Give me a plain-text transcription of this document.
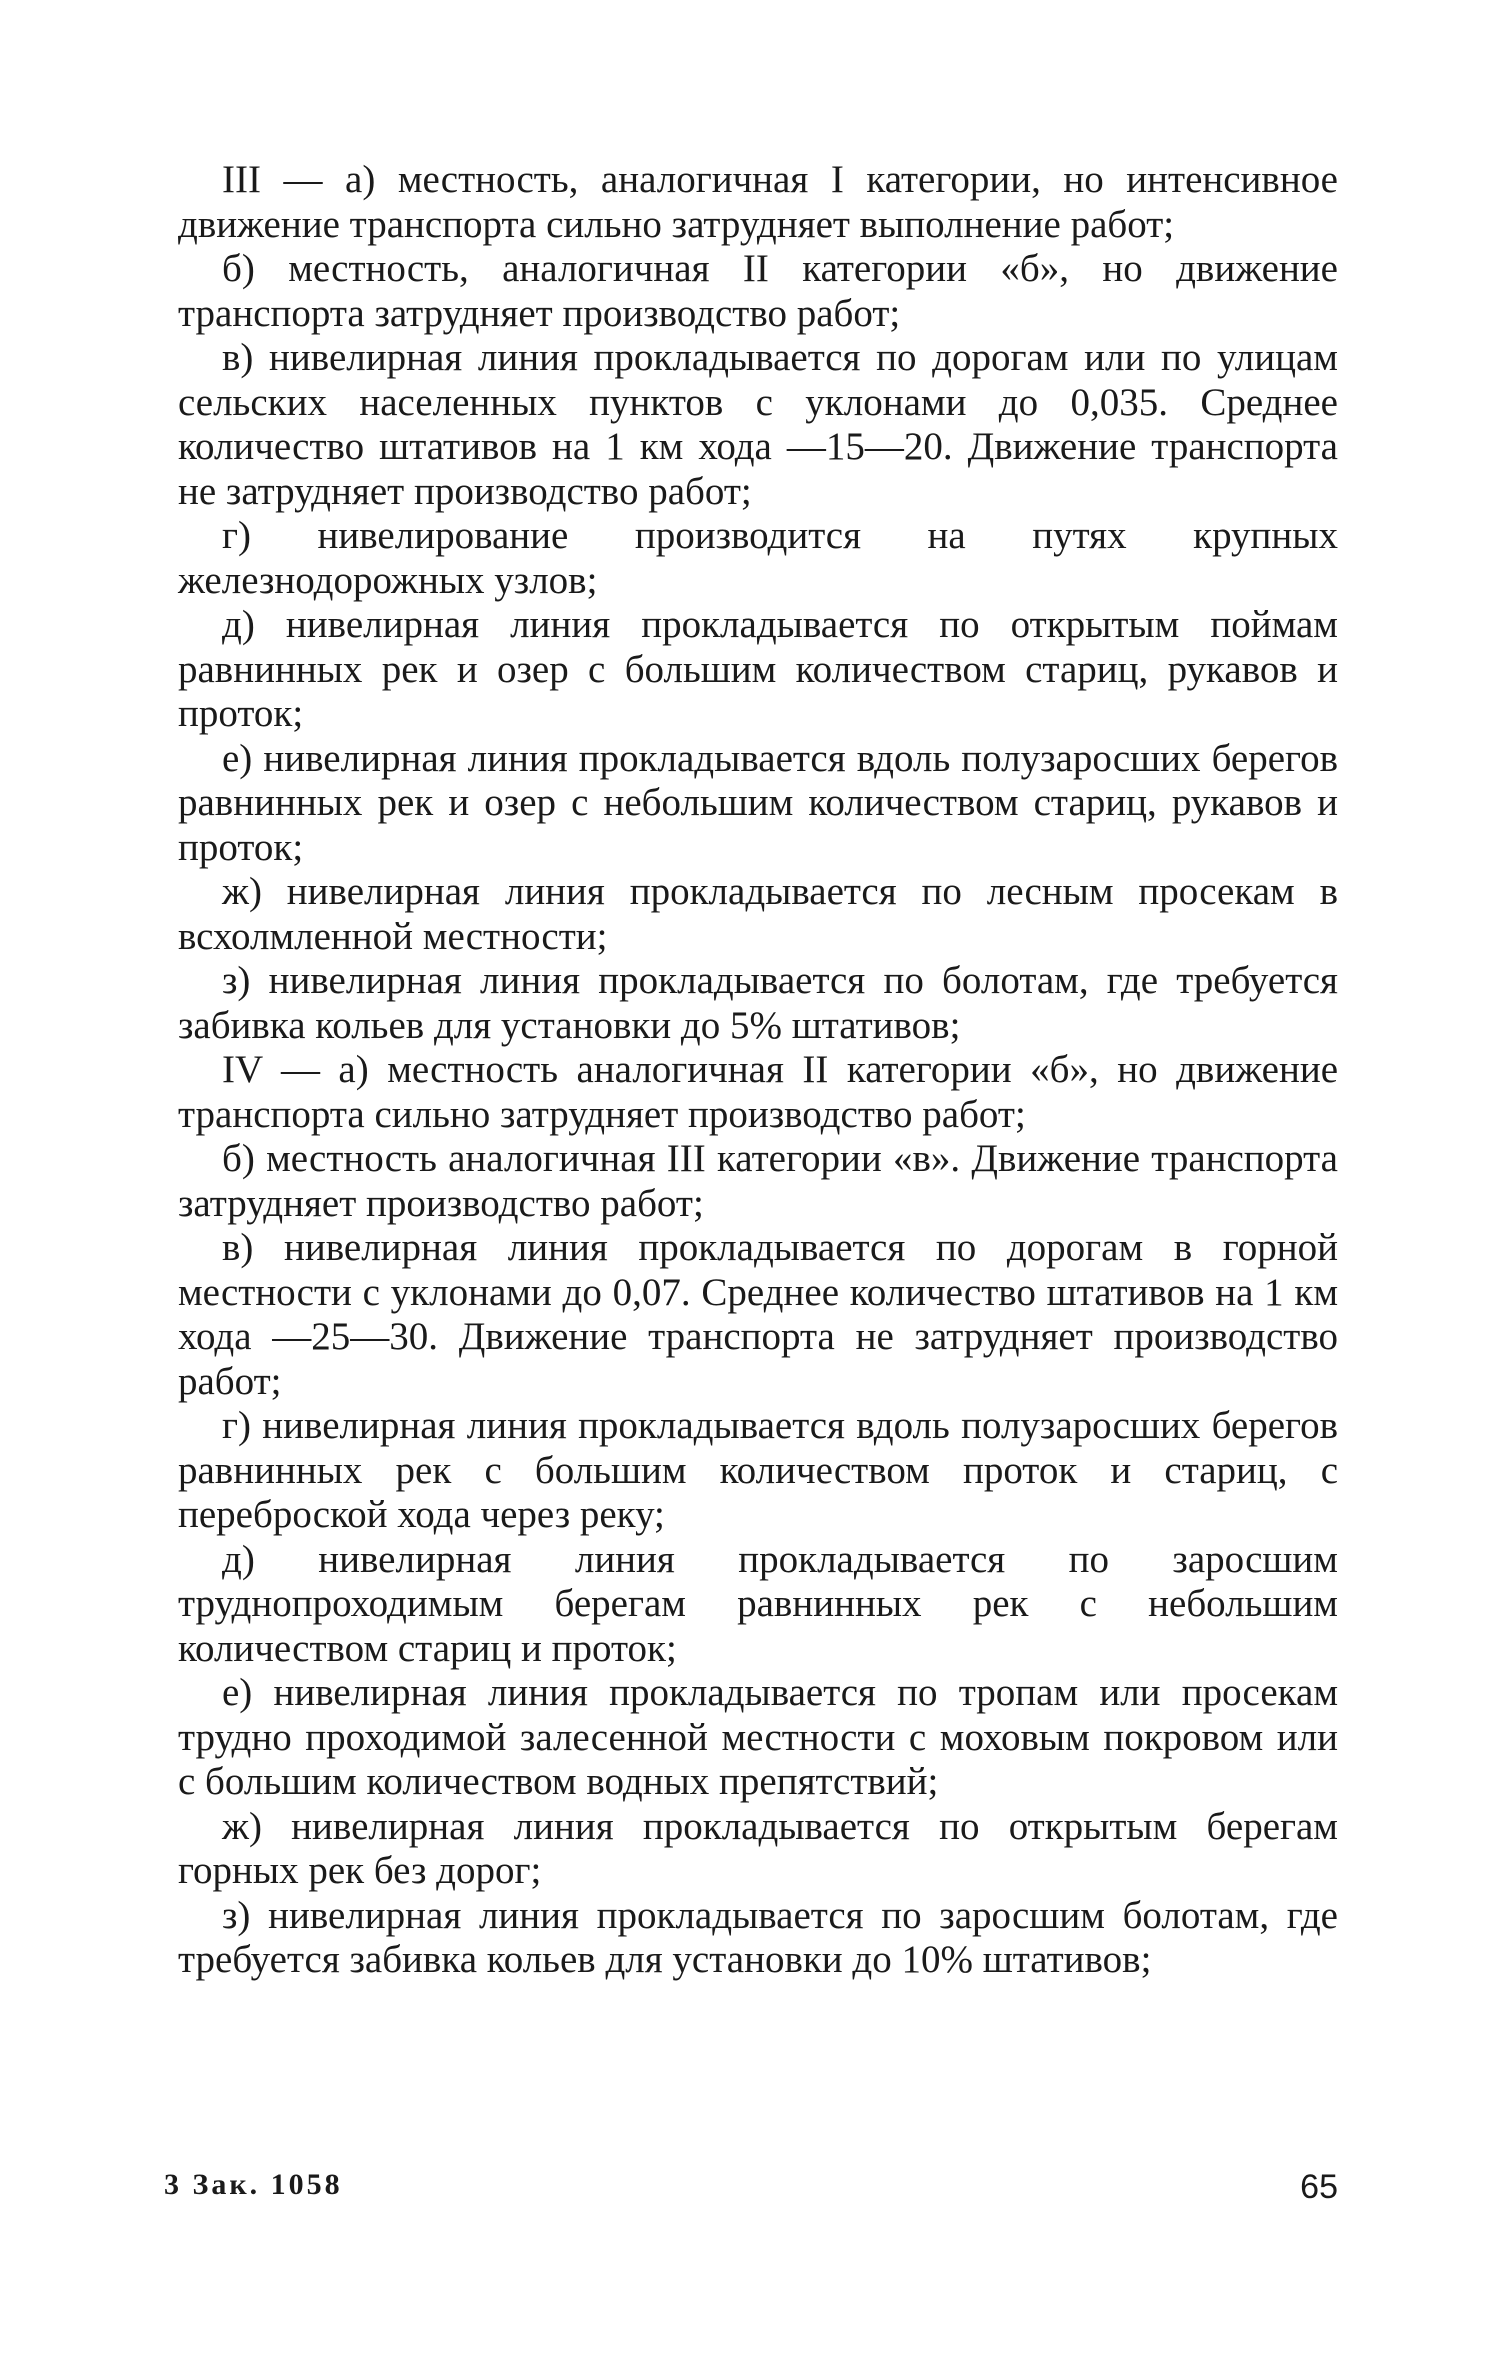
III — а) местность, аналогичная I категории, но интенсивное движение транспорта сильно затрудняет выполнение работ;

б) местность, аналогичная II категории «б», но движение транспорта затрудняет производство работ;

в) нивелирная линия прокладывается по дорогам или по улицам сельских населенных пунктов с уклонами до 0,035. Среднее количество штативов на 1 км хода —15—20. Движение транспорта не затрудняет производство работ;

г) нивелирование производится на путях крупных железнодорожных узлов;

д) нивелирная линия прокладывается по открытым поймам равнинных рек и озер с большим количеством стариц, рукавов и проток;

е) нивелирная линия прокладывается вдоль полузаросших берегов равнинных рек и озер с небольшим количеством стариц, рукавов и проток;

ж) нивелирная линия прокладывается по лесным просекам в всхолмленной местности;

з) нивелирная линия прокладывается по болотам, где требуется забивка кольев для установки до 5% штативов;

IV — а) местность аналогичная II категории «б», но движение транспорта сильно затрудняет производство работ;

б) местность аналогичная III категории «в». Движение транспорта затрудняет производство работ;

в) нивелирная линия прокладывается по дорогам в горной местности с уклонами до 0,07. Среднее количество штативов на 1 км хода —25—30. Движение транспорта не затрудняет производство работ;

г) нивелирная линия прокладывается вдоль полузаросших берегов равнинных рек с большим количеством проток и стариц, с переброской хода через реку;

д) нивелирная линия прокладывается по заросшим труднопроходимым берегам равнинных рек с небольшим количеством стариц и проток;

е) нивелирная линия прокладывается по тропам или просекам трудно проходимой залесенной местности с моховым покровом или с большим количеством водных препятствий;

ж) нивелирная линия прокладывается по открытым берегам горных рек без дорог;

з) нивелирная линия прокладывается по заросшим болотам, где требуется забивка кольев для установки до 10% штативов;

3 Зак. 1058	65
